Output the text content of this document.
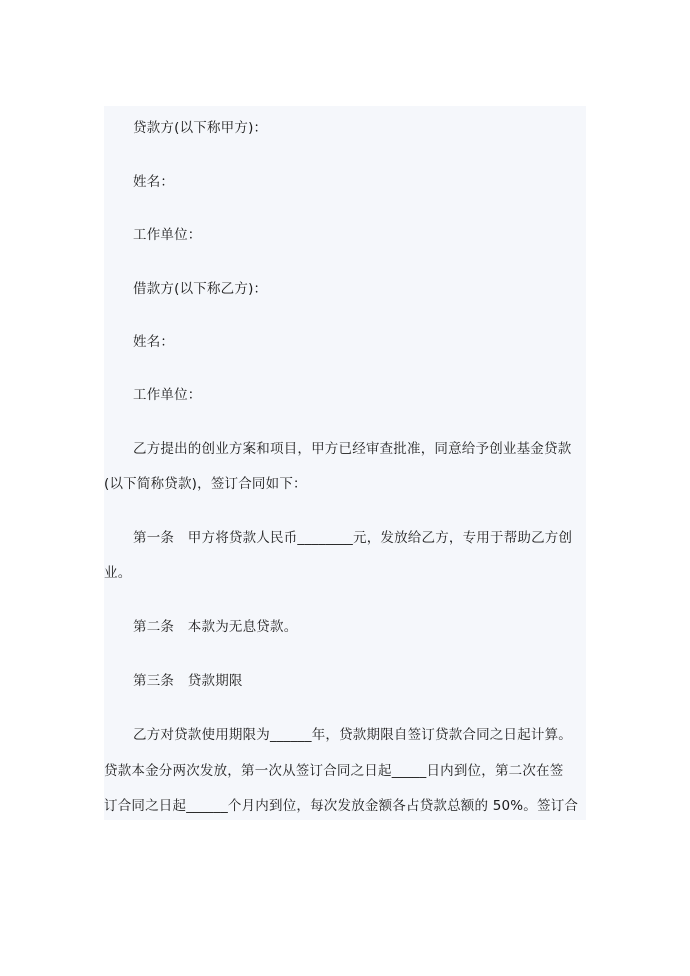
贷款方(以下称甲方)：
姓名：
工作单位：
借款方(以下称乙方)：
姓名：
工作单位：
乙方提出的创业方案和项目，甲方已经审查批准，同意给予创业基金贷款
(以下简称贷款)，签订合同如下：
第一条　甲方将贷款人民币________元，发放给乙方，专用于帮助乙方创
业。
第二条　本款为无息贷款。
第三条　贷款期限
乙方对贷款使用期限为______年，贷款期限自签订贷款合同之日起计算。
贷款本金分两次发放，第一次从签订合同之日起_____日内到位，第二次在签
订合同之日起______个月内到位，每次发放金额各占贷款总额的 50%。签订合
